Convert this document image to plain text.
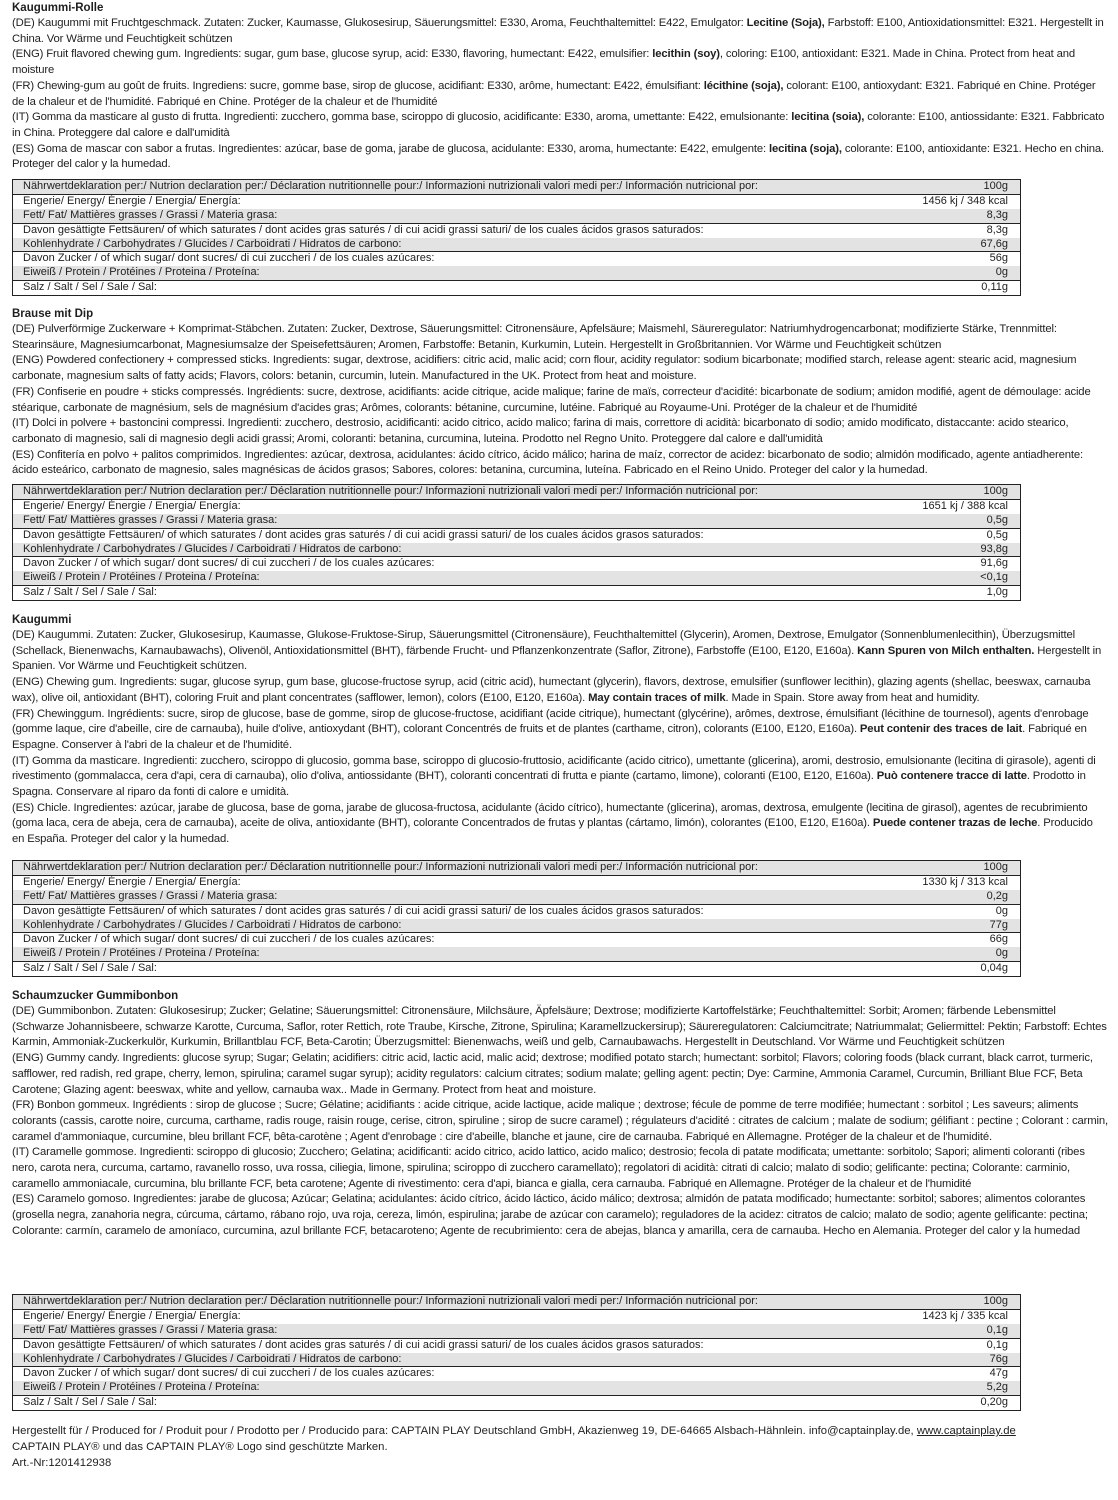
Kaugummi-Rolle

(DE) Kaugummi mit Fruchtgeschmack. Zutaten: Zucker, Kaumasse, Glukosesirup, Säuerungsmittel: E330, Aroma, Feuchthaltemittel: E422, Emulgator: Lecitine (Soja), Farbstoff: E100, Antioxidationsmittel: E321. Hergestellt in China. Vor Wärme und Feuchtigkeit schützen

(ENG) Fruit flavored chewing gum. Ingredients: sugar, gum base, glucose syrup, acid: E330, flavoring, humectant: E422, emulsifier: lecithin (soy), coloring: E100, antioxidant: E321. Made in China. Protect from heat and moisture

(FR) Chewing-gum au goût de fruits. Ingrediens: sucre, gomme base, sirop de glucose, acidifiant: E330, arôme, humectant: E422, émulsifiant: lécithine (soja), colorant: E100, antioxydant: E321. Fabriqué en Chine. Protéger de la chaleur et de l'humidité. Fabriqué en Chine. Protéger de la chaleur et de l'humidité

(IT) Gomma da masticare al gusto di frutta. Ingredienti: zucchero, gomma base, sciroppo di glucosio, acidificante: E330, aroma, umettante: E422, emulsionante: lecitina (soia), colorante: E100, antiossidante: E321. Fabbricato in China. Proteggere dal calore e dall'umidità

(ES) Goma de mascar con sabor a frutas. Ingredientes: azúcar, base de goma, jarabe de glucosa, acidulante: E330, aroma, humectante: E422, emulgente: lecitina (soja), colorante: E100, antioxidante: E321. Hecho en china. Proteger del calor y la humedad.

Nährwertdeklaration per:/ Nutrion declaration per:/ Déclaration nutritionnelle pour:/ Informazioni nutrizionali valori medi per:/ Información nutricional por:	100g
Engerie/ Energy/ Énergie / Energia/ Energía:	1456 kj / 348 kcal
Fett/ Fat/ Mattières grasses / Grassi / Materia grasa:	8,3g
Davon gesättigte Fettsäuren/ of which saturates / dont acides gras saturés / di cui acidi grassi saturi/ de los cuales ácidos grasos saturados:	8,3g
Kohlenhydrate / Carbohydrates / Glucides / Carboidrati / Hidratos de carbono:	67,6g
Davon Zucker / of which sugar/ dont sucres/ di cui zuccheri / de los cuales azúcares:	56g
Eiweiß / Protein / Protéines / Proteina / Proteína:	0g
Salz / Salt / Sel / Sale / Sal:	0,11g
Brause mit Dip

(DE) Pulverförmige Zuckerware + Komprimat-Stäbchen. Zutaten: Zucker, Dextrose, Säuerungsmittel: Citronensäure, Apfelsäure; Maismehl, Säureregulator: Natriumhydrogencarbonat; modifizierte Stärke, Trennmittel: Stearinsäure, Magnesiumcarbonat, Magnesiumsalze der Speisefettsäuren; Aromen, Farbstoffe: Betanin, Kurkumin, Lutein. Hergestellt in Großbritannien. Vor Wärme und Feuchtigkeit schützen

(ENG) Powdered confectionery + compressed sticks. Ingredients: sugar, dextrose, acidifiers: citric acid, malic acid; corn flour, acidity regulator: sodium bicarbonate; modified starch, release agent: stearic acid, magnesium carbonate, magnesium salts of fatty acids; Flavors, colors: betanin, curcumin, lutein. Manufactured in the UK. Protect from heat and moisture.

(FR) Confiserie en poudre + sticks compressés. Ingrédients: sucre, dextrose, acidifiants: acide citrique, acide malique; farine de maïs, correcteur d'acidité: bicarbonate de sodium; amidon modifié, agent de démoulage: acide stéarique, carbonate de magnésium, sels de magnésium d'acides gras; Arômes, colorants: bétanine, curcumine, lutéine. Fabriqué au Royaume-Uni. Protéger de la chaleur et de l'humidité

(IT) Dolci in polvere + bastoncini compressi. Ingredienti: zucchero, destrosio, acidificanti: acido citrico, acido malico; farina di mais, correttore di acidità: bicarbonato di sodio; amido modificato, distaccante: acido stearico, carbonato di magnesio, sali di magnesio degli acidi grassi; Aromi, coloranti: betanina, curcumina, luteina. Prodotto nel Regno Unito. Proteggere dal calore e dall'umidità

(ES) Confitería en polvo + palitos comprimidos. Ingredientes: azúcar, dextrosa, acidulantes: ácido cítrico, ácido málico; harina de maíz, corrector de acidez: bicarbonato de sodio; almidón modificado, agente antiadherente: ácido esteárico, carbonato de magnesio, sales magnésicas de ácidos grasos; Sabores, colores: betanina, curcumina, luteína. Fabricado en el Reino Unido. Proteger del calor y la humedad.

Nährwertdeklaration per:/ Nutrion declaration per:/ Déclaration nutritionnelle pour:/ Informazioni nutrizionali valori medi per:/ Información nutricional por:	100g
Engerie/ Energy/ Énergie / Energia/ Energía:	1651 kj / 388 kcal
Fett/ Fat/ Mattières grasses / Grassi / Materia grasa:	0,5g
Davon gesättigte Fettsäuren/ of which saturates / dont acides gras saturés / di cui acidi grassi saturi/ de los cuales ácidos grasos saturados:	0,5g
Kohlenhydrate / Carbohydrates / Glucides / Carboidrati / Hidratos de carbono:	93,8g
Davon Zucker / of which sugar/ dont sucres/ di cui zuccheri / de los cuales azúcares:	91,6g
Eiweiß / Protein / Protéines / Proteina / Proteína:	<0,1g
Salz / Salt / Sel / Sale / Sal:	1,0g
Kaugummi

(DE) Kaugummi. Zutaten: Zucker, Glukosesirup, Kaumasse, Glukose-Fruktose-Sirup, Säuerungsmittel (Citronensäure), Feuchthaltemittel (Glycerin), Aromen, Dextrose, Emulgator (Sonnenblumenlecithin), Überzugsmittel (Schellack, Bienenwachs, Karnaubawachs), Olivenöl, Antioxidationsmittel (BHT), färbende Frucht- und Pflanzenkonzentrate (Saflor, Zitrone), Farbstoffe (E100, E120, E160a). Kann Spuren von Milch enthalten. Hergestellt in Spanien. Vor Wärme und Feuchtigkeit schützen.

(ENG) Chewing gum. Ingredients: sugar, glucose syrup, gum base, glucose-fructose syrup, acid (citric acid), humectant (glycerin), flavors, dextrose, emulsifier (sunflower lecithin), glazing agents (shellac, beeswax, carnauba wax), olive oil, antioxidant (BHT), coloring Fruit and plant concentrates (safflower, lemon), colors (E100, E120, E160a). May contain traces of milk. Made in Spain. Store away from heat and humidity.

(FR) Chewinggum. Ingrédients: sucre, sirop de glucose, base de gomme, sirop de glucose-fructose, acidifiant (acide citrique), humectant (glycérine), arômes, dextrose, émulsifiant (lécithine de tournesol), agents d'enrobage (gomme laque, cire d'abeille, cire de carnauba), huile d'olive, antioxydant (BHT), colorant Concentrés de fruits et de plantes (carthame, citron), colorants (E100, E120, E160a). Peut contenir des traces de lait. Fabriqué en Espagne. Conserver à l'abri de la chaleur et de l'humidité.

(IT) Gomma da masticare. Ingredienti: zucchero, sciroppo di glucosio, gomma base, sciroppo di glucosio-fruttosio, acidificante (acido citrico), umettante (glicerina), aromi, destrosio, emulsionante (lecitina di girasole), agenti di rivestimento (gommalacca, cera d'api, cera di carnauba), olio d'oliva, antiossidante (BHT), coloranti concentrati di frutta e piante (cartamo, limone), coloranti (E100, E120, E160a). Può contenere tracce di latte. Prodotto in Spagna. Conservare al riparo da fonti di calore e umidità.

(ES) Chicle. Ingredientes: azúcar, jarabe de glucosa, base de goma, jarabe de glucosa-fructosa, acidulante (ácido cítrico), humectante (glicerina), aromas, dextrosa, emulgente (lecitina de girasol), agentes de recubrimiento (goma laca, cera de abeja, cera de carnauba), aceite de oliva, antioxidante (BHT), colorante Concentrados de frutas y plantas (cártamo, limón), colorantes (E100, E120, E160a). Puede contener trazas de leche. Producido en España. Proteger del calor y la humedad.

Nährwertdeklaration per:/ Nutrion declaration per:/ Déclaration nutritionnelle pour:/ Informazioni nutrizionali valori medi per:/ Información nutricional por:	100g
Engerie/ Energy/ Énergie / Energia/ Energía:	1330 kj / 313 kcal
Fett/ Fat/ Mattières grasses / Grassi / Materia grasa:	0,2g
Davon gesättigte Fettsäuren/ of which saturates / dont acides gras saturés / di cui acidi grassi saturi/ de los cuales ácidos grasos saturados:	0g
Kohlenhydrate / Carbohydrates / Glucides / Carboidrati / Hidratos de carbono:	77g
Davon Zucker / of which sugar/ dont sucres/ di cui zuccheri / de los cuales azúcares:	66g
Eiweiß / Protein / Protéines / Proteina / Proteína:	0g
Salz / Salt / Sel / Sale / Sal:	0,04g
Schaumzucker Gummibonbon

(DE) Gummibonbon. Zutaten: Glukosesirup; Zucker; Gelatine; Säuerungsmittel: Citronensäure, Milchsäure, Äpfelsäure; Dextrose; modifizierte Kartoffelstärke; Feuchthaltemittel: Sorbit; Aromen; färbende Lebensmittel (Schwarze Johannisbeere, schwarze Karotte, Curcuma, Saflor, roter Rettich, rote Traube, Kirsche, Zitrone, Spirulina; Karamellzuckersirup); Säureregulatoren: Calciumcitrate; Natriummalat; Geliermittel: Pektin; Farbstoff: Echtes Karmin, Ammoniak-Zuckerkulör, Kurkumin, Brillantblau FCF, Beta-Carotin; Überzugsmittel: Bienenwachs, weiß und gelb, Carnaubawachs. Hergestellt in Deutschland. Vor Wärme und Feuchtigkeit schützen

(ENG) Gummy candy. Ingredients: glucose syrup; Sugar; Gelatin; acidifiers: citric acid, lactic acid, malic acid; dextrose; modified potato starch; humectant: sorbitol; Flavors; coloring foods (black currant, black carrot, turmeric, safflower, red radish, red grape, cherry, lemon, spirulina; caramel sugar syrup); acidity regulators: calcium citrates; sodium malate; gelling agent: pectin; Dye: Carmine, Ammonia Caramel, Curcumin, Brilliant Blue FCF, Beta Carotene; Glazing agent: beeswax, white and yellow, carnauba wax.. Made in Germany. Protect from heat and moisture.

(FR) Bonbon gommeux. Ingrédients : sirop de glucose ; Sucre; Gélatine; acidifiants : acide citrique, acide lactique, acide malique ; dextrose; fécule de pomme de terre modifiée; humectant : sorbitol ; Les saveurs; aliments colorants (cassis, carotte noire, curcuma, carthame, radis rouge, raisin rouge, cerise, citron, spiruline ; sirop de sucre caramel) ; régulateurs d'acidité : citrates de calcium ; malate de sodium; gélifiant : pectine ; Colorant : carmin, caramel d'ammoniaque, curcumine, bleu brillant FCF, bêta-carotène ; Agent d'enrobage : cire d'abeille, blanche et jaune, cire de carnauba. Fabriqué en Allemagne. Protéger de la chaleur et de l'humidité.

(IT) Caramelle gommose. Ingredienti: sciroppo di glucosio; Zucchero; Gelatina; acidificanti: acido citrico, acido lattico, acido malico; destrosio; fecola di patate modificata; umettante: sorbitolo; Sapori; alimenti coloranti (ribes nero, carota nera, curcuma, cartamo, ravanello rosso, uva rossa, ciliegia, limone, spirulina; sciroppo di zucchero caramellato); regolatori di acidità: citrati di calcio; malato di sodio; gelificante: pectina; Colorante: carminio, caramello ammoniacale, curcumina, blu brillante FCF, beta carotene; Agente di rivestimento: cera d'api, bianca e gialla, cera carnauba. Fabriqué en Allemagne. Protéger de la chaleur et de l'humidité

(ES) Caramelo gomoso. Ingredientes: jarabe de glucosa; Azúcar; Gelatina; acidulantes: ácido cítrico, ácido láctico, ácido málico; dextrosa; almidón de patata modificado; humectante: sorbitol; sabores; alimentos colorantes (grosella negra, zanahoria negra, cúrcuma, cártamo, rábano rojo, uva roja, cereza, limón, espirulina; jarabe de azúcar con caramelo); reguladores de la acidez: citratos de calcio; malato de sodio; agente gelificante: pectina; Colorante: carmín, caramelo de amoníaco, curcumina, azul brillante FCF, betacaroteno; Agente de recubrimiento: cera de abejas, blanca y amarilla, cera de carnauba. Hecho en Alemania. Proteger del calor y la humedad

Nährwertdeklaration per:/ Nutrion declaration per:/ Déclaration nutritionnelle pour:/ Informazioni nutrizionali valori medi per:/ Información nutricional por:	100g
Engerie/ Energy/ Énergie / Energia/ Energía:	1423 kj / 335 kcal
Fett/ Fat/ Mattières grasses / Grassi / Materia grasa:	0,1g
Davon gesättigte Fettsäuren/ of which saturates / dont acides gras saturés / di cui acidi grassi saturi/ de los cuales ácidos grasos saturados:	0,1g
Kohlenhydrate / Carbohydrates / Glucides / Carboidrati / Hidratos de carbono:	76g
Davon Zucker / of which sugar/ dont sucres/ di cui zuccheri / de los cuales azúcares:	47g
Eiweiß / Protein / Protéines / Proteina / Proteína:	5,2g
Salz / Salt / Sel / Sale / Sal:	0,20g
Hergestellt für / Produced for / Produit pour / Prodotto per / Producido para: CAPTAIN PLAY Deutschland GmbH, Akazienweg 19, DE-64665 Alsbach-Hähnlein. info@captainplay.de, www.captainplay.de
CAPTAIN PLAY® und das CAPTAIN PLAY® Logo sind geschützte Marken.
Art.-Nr:1201412938
